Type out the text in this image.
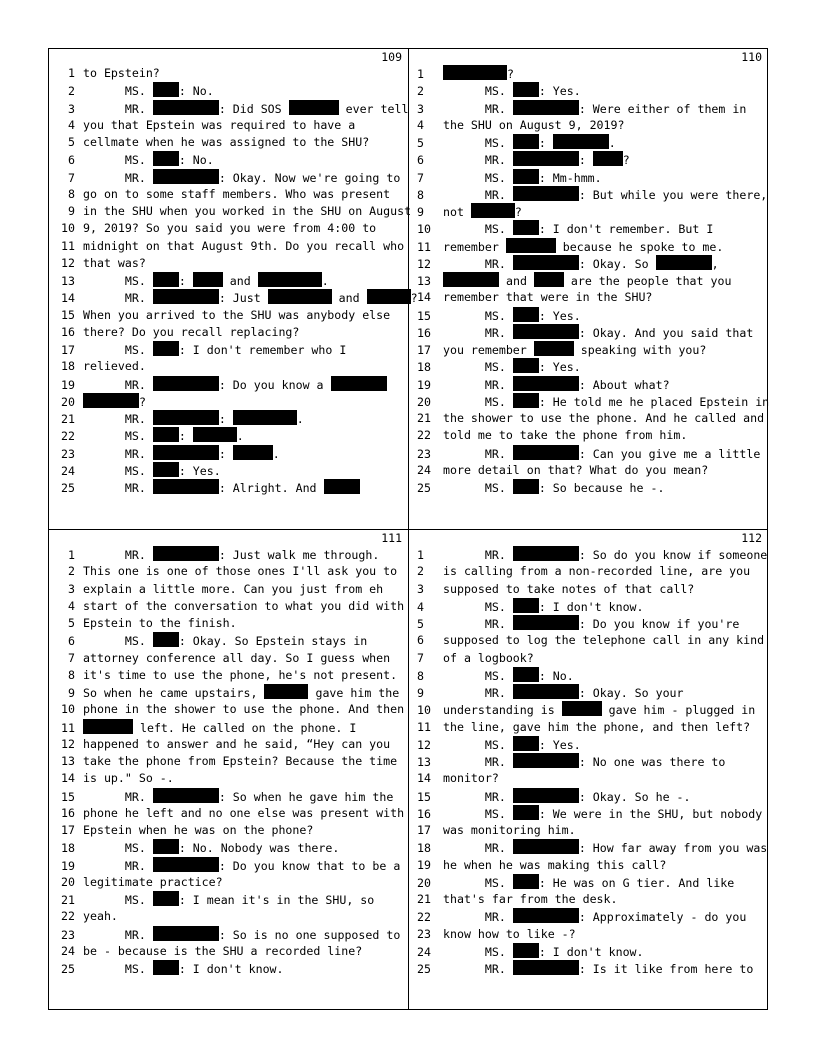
109
1 to Epstein?
2      MS. : No.
3      MR.	: Did SOS	ever tell
4 you that Epstein was required to have a
5 cellmate when he was assigned to the SHU?
6      MS. : No.
7      MR.	: Okay. Now we're going to
8 go on to some staff members. Who was present
9 in the SHU when you worked in the SHU on August
10 9, 2019? So you said you were from 4:00 to
11 midnight on that August 9th. Do you recall who
12 that was?
13      MS. :	and	.
14      MR.	: Just	and	?
15 When you arrived to the SHU was anybody else
16 there? Do you recall replacing?
17      MS. : I don't remember who I
18 relieved.
19      MR.	: Do you know a
20	?
21      MR.	:	.
22      MS. :	.
23      MR.	:	.
24      MS. : Yes.
25      MR.	: Alright. And
110
1	?
2      MS. : Yes.
3      MR.	: Were either of them in
4 the SHU on August 9, 2019?
5      MS. :	.
6      MR.	:	?
7      MS. : Mm-hmm.
8      MR.	: But while you were there,
9 not	?
10      MS. : I don't remember. But I
11 remember	because he spoke to me.
12      MR.	: Okay. So	,
13	and	are the people that you
14 remember that were in the SHU?
15      MS. : Yes.
16      MR.	: Okay. And you said that
17 you remember	speaking with you?
18      MS. : Yes.
19      MR.	: About what?
20      MS. : He told me he placed Epstein in
21 the shower to use the phone. And he called and
22 told me to take the phone from him.
23      MR.	: Can you give me a little
24 more detail on that? What do you mean?
25      MS. : So because he -.
111
1      MR.	: Just walk me through.
2 This one is one of those ones I'll ask you to
3 explain a little more. Can you just from eh
4 start of the conversation to what you did with
5 Epstein to the finish.
6      MS. : Okay. So Epstein stays in
7 attorney conference all day. So I guess when
8 it's time to use the phone, he's not present.
9 So when he came upstairs,	gave him the
10 phone in the shower to use the phone. And then
11	left. He called on the phone. I
12 happened to answer and he said, “Hey can you
13 take the phone from Epstein? Because the time
14 is up." So -.
15      MR.	: So when he gave him the
16 phone he left and no one else was present with
17 Epstein when he was on the phone?
18      MS. : No. Nobody was there.
19      MR.	: Do you know that to be a
20 legitimate practice?
21      MS. : I mean it's in the SHU, so
22 yeah.
23      MR.	: So is no one supposed to
24 be - because is the SHU a recorded line?
25      MS. : I don't know.
112
1      MR.	: So do you know if someone
2 is calling from a non-recorded line, are you
3 supposed to take notes of that call?
4      MS. : I don't know.
5      MR.	: Do you know if you're
6 supposed to log the telephone call in any kind
7 of a logbook?
8      MS. : No.
9      MR.	: Okay. So your
10 understanding is	gave him - plugged in
11 the line, gave him the phone, and then left?
12      MS. : Yes.
13      MR.	: No one was there to
14 monitor?
15      MR.	: Okay. So he -.
16      MS. : We were in the SHU, but nobody
17 was monitoring him.
18      MR.	: How far away from you was
19 he when he was making this call?
20      MS. : He was on G tier. And like
21 that's far from the desk.
22      MR.	: Approximately - do you
23 know how to like -?
24      MS. : I don't know.
25      MR.	: Is it like from here to
